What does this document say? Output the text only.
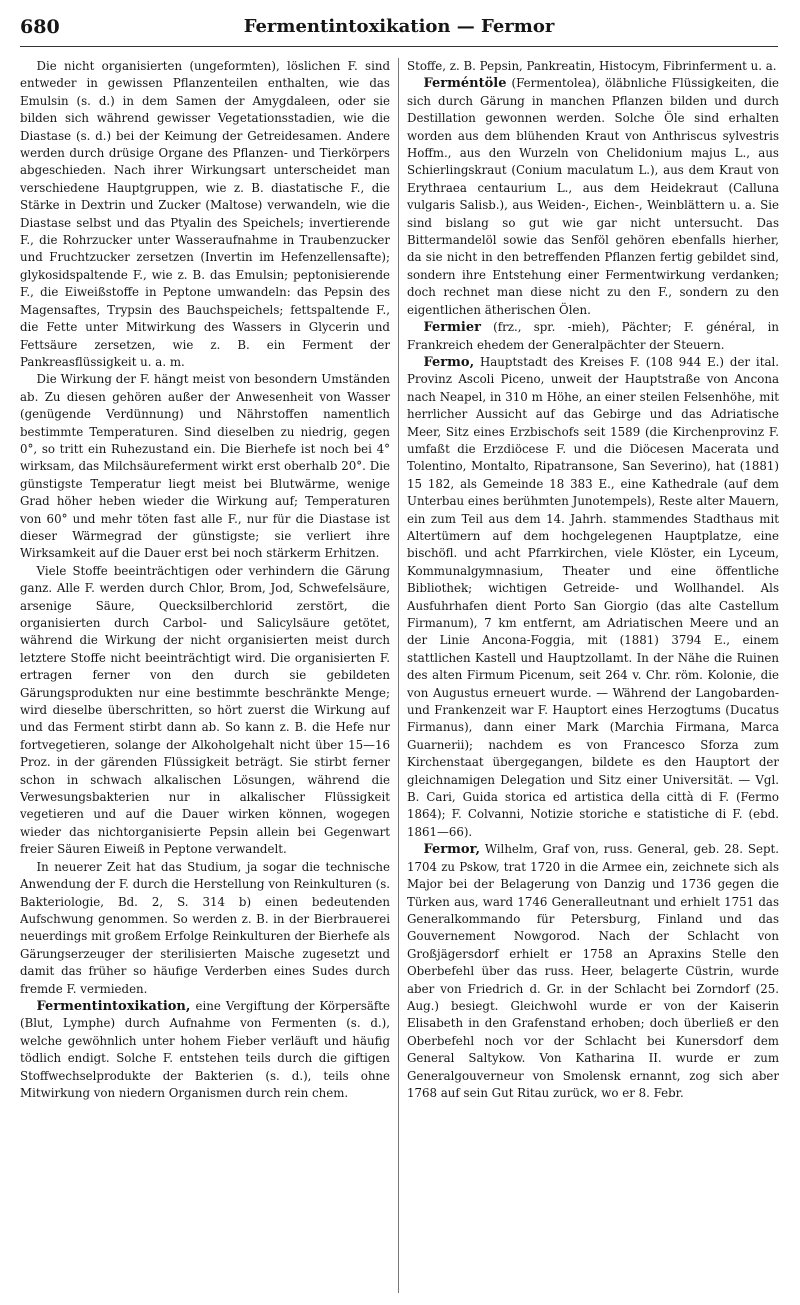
680	Fermentintoxikation — Fermor

Die nicht organisierten (ungeformten), löslichen F. sind entweder in gewissen Pflanzenteilen enthalten, wie das Emulsin (s. d.) in dem Samen der Amygdaleen, oder sie bilden sich während gewisser Vegetationsstadien, wie die Diastase (s. d.) bei der Keimung der Getreidesamen. Andere werden durch drüsige Organe des Pflanzen- und Tierkörpers abgeschieden. Nach ihrer Wirkungsart unterscheidet man verschiedene Hauptgruppen, wie z. B. diastatische F., die Stärke in Dextrin und Zucker (Maltose) verwandeln, wie die Diastase selbst und das Ptyalin des Speichels; invertierende F., die Rohrzucker unter Wasseraufnahme in Traubenzucker und Fruchtzucker zersetzen (Invertin im Hefenzellensafte); glykosidspaltende F., wie z. B. das Emulsin; peptonisierende F., die Eiweißstoffe in Peptone umwandeln: das Pepsin des Magensaftes, Trypsin des Bauchspeichels; fettspaltende F., die Fette unter Mitwirkung des Wassers in Glycerin und Fettsäure zersetzen, wie z. B. ein Ferment der Pankreasflüssigkeit u. a. m.

Die Wirkung der F. hängt meist von besondern Umständen ab. Zu diesen gehören außer der Anwesenheit von Wasser (genügende Verdünnung) und Nährstoffen namentlich bestimmte Temperaturen. Sind dieselben zu niedrig, gegen 0°, so tritt ein Ruhezustand ein. Die Bierhefe ist noch bei 4° wirksam, das Milchsäureferment wirkt erst oberhalb 20°. Die günstigste Temperatur liegt meist bei Blutwärme, wenige Grad höher heben wieder die Wirkung auf; Temperaturen von 60° und mehr töten fast alle F., nur für die Diastase ist dieser Wärmegrad der günstigste; sie verliert ihre Wirksamkeit auf die Dauer erst bei noch stärkerm Erhitzen.

Viele Stoffe beeinträchtigen oder verhindern die Gärung ganz. Alle F. werden durch Chlor, Brom, Jod, Schwefelsäure, arsenige Säure, Quecksilberchlorid zerstört, die organisierten durch Carbol- und Salicylsäure getötet, während die Wirkung der nicht organisierten meist durch letztere Stoffe nicht beeinträchtigt wird. Die organisierten F. ertragen ferner von den durch sie gebildeten Gärungsprodukten nur eine bestimmte beschränkte Menge; wird dieselbe überschritten, so hört zuerst die Wirkung auf und das Ferment stirbt dann ab. So kann z. B. die Hefe nur fortvegetieren, solange der Alkoholgehalt nicht über 15—16 Proz. in der gärenden Flüssigkeit beträgt. Sie stirbt ferner schon in schwach alkalischen Lösungen, während die Verwesungsbakterien nur in alkalischer Flüssigkeit vegetieren und auf die Dauer wirken können, wogegen wieder das nichtorganisierte Pepsin allein bei Gegenwart freier Säuren Eiweiß in Peptone verwandelt.

In neuerer Zeit hat das Studium, ja sogar die technische Anwendung der F. durch die Herstellung von Reinkulturen (s. Bakteriologie, Bd. 2, S. 314 b) einen bedeutenden Aufschwung genommen. So werden z. B. in der Bierbrauerei neuerdings mit großem Erfolge Reinkulturen der Bierhefe als Gärungserzeuger der sterilisierten Maische zugesetzt und damit das früher so häufige Verderben eines Sudes durch fremde F. vermieden.

Fermentintoxikation, eine Vergiftung der Körpersäfte (Blut, Lymphe) durch Aufnahme von Fermenten (s. d.), welche gewöhnlich unter hohem Fieber verläuft und häufig tödlich endigt. Solche F. entstehen teils durch die giftigen Stoffwechselprodukte der Bakterien (s. d.), teils ohne Mitwirkung von niedern Organismen durch rein chem.

Stoffe, z. B. Pepsin, Pankreatin, Histocym, Fibrinferment u. a.

Ferméntöle (Fermentolea), öläbnliche Flüssigkeiten, die sich durch Gärung in manchen Pflanzen bilden und durch Destillation gewonnen werden. Solche Öle sind erhalten worden aus dem blühenden Kraut von Anthriscus sylvestris Hoffm., aus den Wurzeln von Chelidonium majus L., aus Schierlingskraut (Conium maculatum L.), aus dem Kraut von Erythraea centaurium L., aus dem Heidekraut (Calluna vulgaris Salisb.), aus Weiden-, Eichen-, Weinblättern u. a. Sie sind bislang so gut wie gar nicht untersucht. Das Bittermandelöl sowie das Senföl gehören ebenfalls hierher, da sie nicht in den betreffenden Pflanzen fertig gebildet sind, sondern ihre Entstehung einer Fermentwirkung verdanken; doch rechnet man diese nicht zu den F., sondern zu den eigentlichen ätherischen Ölen.

Fermier (frz., spr. -mieh), Pächter; F. général, in Frankreich ehedem der Generalpächter der Steuern.

Fermo, Hauptstadt des Kreises F. (108 944 E.) der ital. Provinz Ascoli Piceno, unweit der Hauptstraße von Ancona nach Neapel, in 310 m Höhe, an einer steilen Felsenhöhe, mit herrlicher Aussicht auf das Gebirge und das Adriatische Meer, Sitz eines Erzbischofs seit 1589 (die Kirchenprovinz F. umfaßt die Erzdiöcese F. und die Diöcesen Macerata und Tolentino, Montalto, Ripatransone, San Severino), hat (1881) 15 182, als Gemeinde 18 383 E., eine Kathedrale (auf dem Unterbau eines berühmten Junotempels), Reste alter Mauern, ein zum Teil aus dem 14. Jahrh. stammendes Stadthaus mit Altertümern auf dem hochgelegenen Hauptplatze, eine bischöfl. und acht Pfarrkirchen, viele Klöster, ein Lyceum, Kommunalgymnasium, Theater und eine öffentliche Bibliothek; wichtigen Getreide- und Wollhandel. Als Ausfuhrhafen dient Porto San Giorgio (das alte Castellum Firmanum), 7 km entfernt, am Adriatischen Meere und an der Linie Ancona-Foggia, mit (1881) 3794 E., einem stattlichen Kastell und Hauptzollamt. In der Nähe die Ruinen des alten Firmum Picenum, seit 264 v. Chr. röm. Kolonie, die von Augustus erneuert wurde. — Während der Langobarden- und Frankenzeit war F. Hauptort eines Herzogtums (Ducatus Firmanus), dann einer Mark (Marchia Firmana, Marca Guarnerii); nachdem es von Francesco Sforza zum Kirchenstaat übergegangen, bildete es den Hauptort der gleichnamigen Delegation und Sitz einer Universität. — Vgl. B. Cari, Guida storica ed artistica della città di F. (Fermo 1864); F. Colvanni, Notizie storiche e statistiche di F. (ebd. 1861—66).

Fermor, Wilhelm, Graf von, russ. General, geb. 28. Sept. 1704 zu Pskow, trat 1720 in die Armee ein, zeichnete sich als Major bei der Belagerung von Danzig und 1736 gegen die Türken aus, ward 1746 Generalleutnant und erhielt 1751 das Generalkommando für Petersburg, Finland und das Gouvernement Nowgorod. Nach der Schlacht von Großjägersdorf erhielt er 1758 an Apraxins Stelle den Oberbefehl über das russ. Heer, belagerte Cüstrin, wurde aber von Friedrich d. Gr. in der Schlacht bei Zorndorf (25. Aug.) besiegt. Gleichwohl wurde er von der Kaiserin Elisabeth in den Grafenstand erhoben; doch überließ er den Oberbefehl noch vor der Schlacht bei Kunersdorf dem General Saltykow. Von Katharina II. wurde er zum Generalgouverneur von Smolensk ernannt, zog sich aber 1768 auf sein Gut Ritau zurück, wo er 8. Febr.
